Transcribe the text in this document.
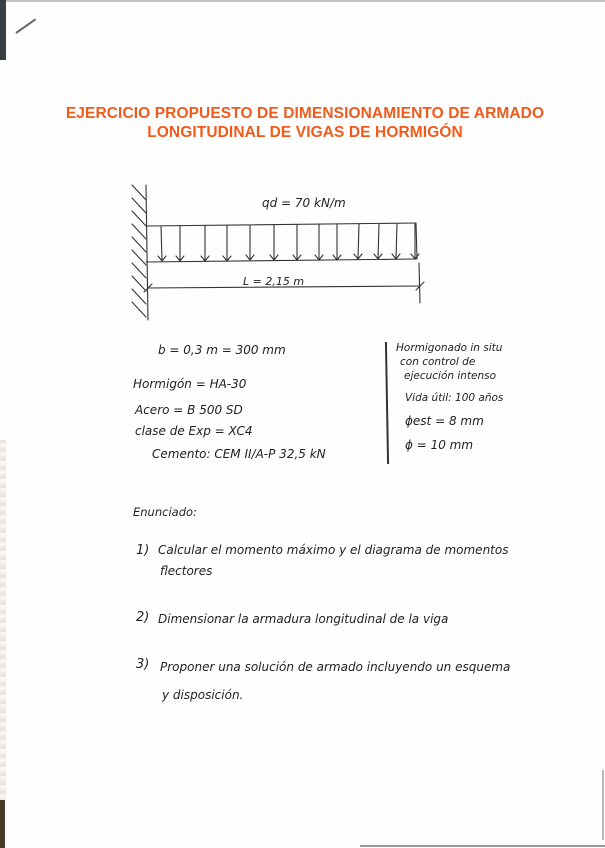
EJERCICIO PROPUESTO DE DIMENSIONAMIENTO DE ARMADO
LONGITUDINAL DE VIGAS DE HORMIGÓN
qd = 70 kN/m
L = 2,15 m
b = 0,3 m = 300 mm
Hormigón = HA-30
Acero = B 500 SD
clase de Exp = XC4
Cemento: CEM II/A-P 32,5 kN
Hormigonado in situ
con control de
ejecución intenso
Vida útil: 100 años
ϕest = 8 mm
ϕ = 10 mm
Enunciado:
1) Calcular el momento máximo y el diagrama de momentos
flectores
2) Dimensionar la armadura longitudinal de la viga
3) Proponer una solución de armado incluyendo un esquema
y disposición.
